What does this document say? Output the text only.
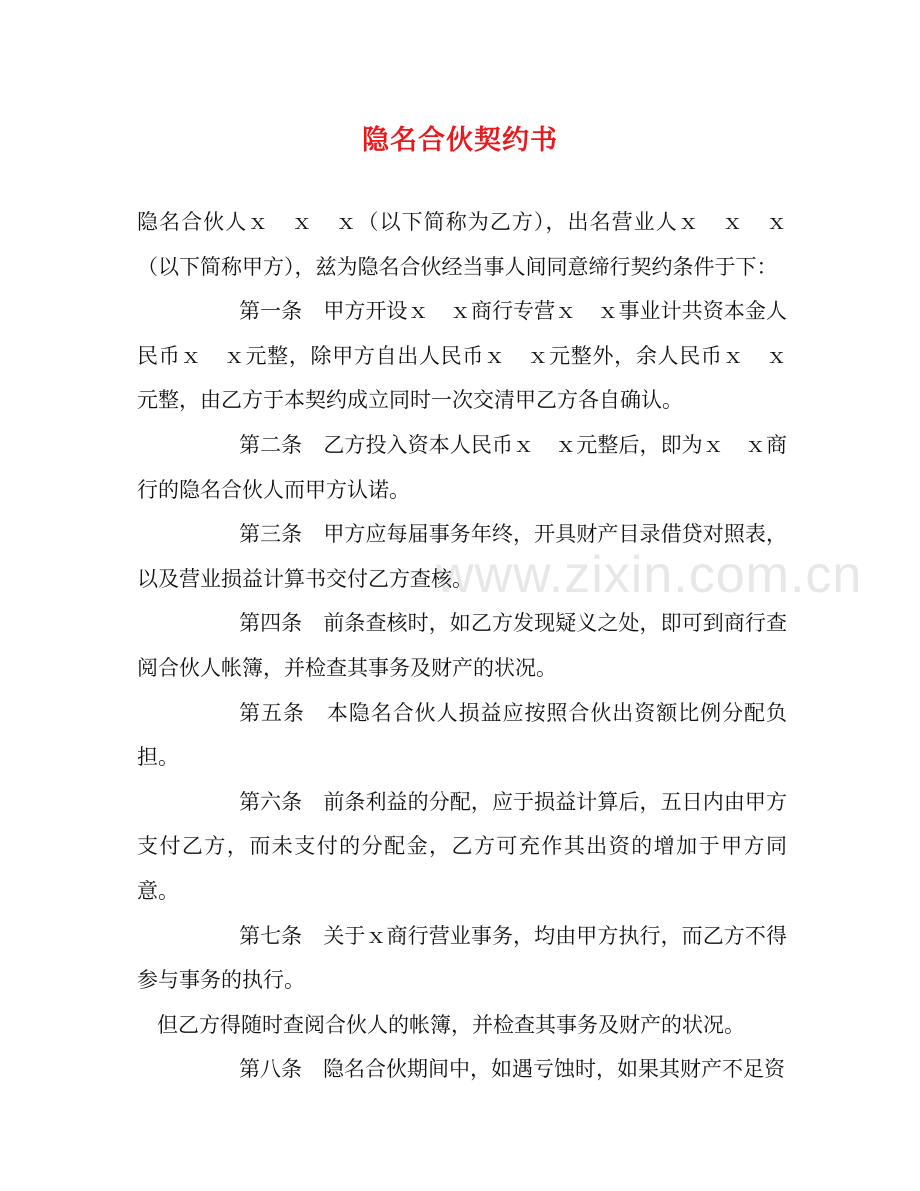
隐名合伙契约书

隐名合伙人ｘ　ｘ　ｘ（以下简称为乙方），出名营业人ｘ　ｘ　ｘ（以下简称甲方），兹为隐名合伙经当事人间同意缔行契约条件于下：

第一条　甲方开设ｘ　ｘ商行专营ｘ　ｘ事业计共资本金人民币ｘ　ｘ元整，除甲方自出人民币ｘ　ｘ元整外，余人民币ｘ　ｘ元整，由乙方于本契约成立同时一次交清甲乙方各自确认。

第二条　乙方投入资本人民币ｘ　ｘ元整后，即为ｘ　ｘ商行的隐名合伙人而甲方认诺。

第三条　甲方应每届事务年终，开具财产目录借贷对照表，以及营业损益计算书交付乙方查核。

第四条　前条查核时，如乙方发现疑义之处，即可到商行查阅合伙人帐簿，并检查其事务及财产的状况。

第五条　本隐名合伙人损益应按照合伙出资额比例分配负担。

第六条　前条利益的分配，应于损益计算后，五日内由甲方支付乙方，而未支付的分配金，乙方可充作其出资的增加于甲方同意。

第七条　关于ｘ商行营业事务，均由甲方执行，而乙方不得参与事务的执行。

但乙方得随时查阅合伙人的帐簿，并检查其事务及财产的状况。

第八条　隐名合伙期间中，如遇亏蚀时，如果其财产不足资

www.zixin.com.cn
